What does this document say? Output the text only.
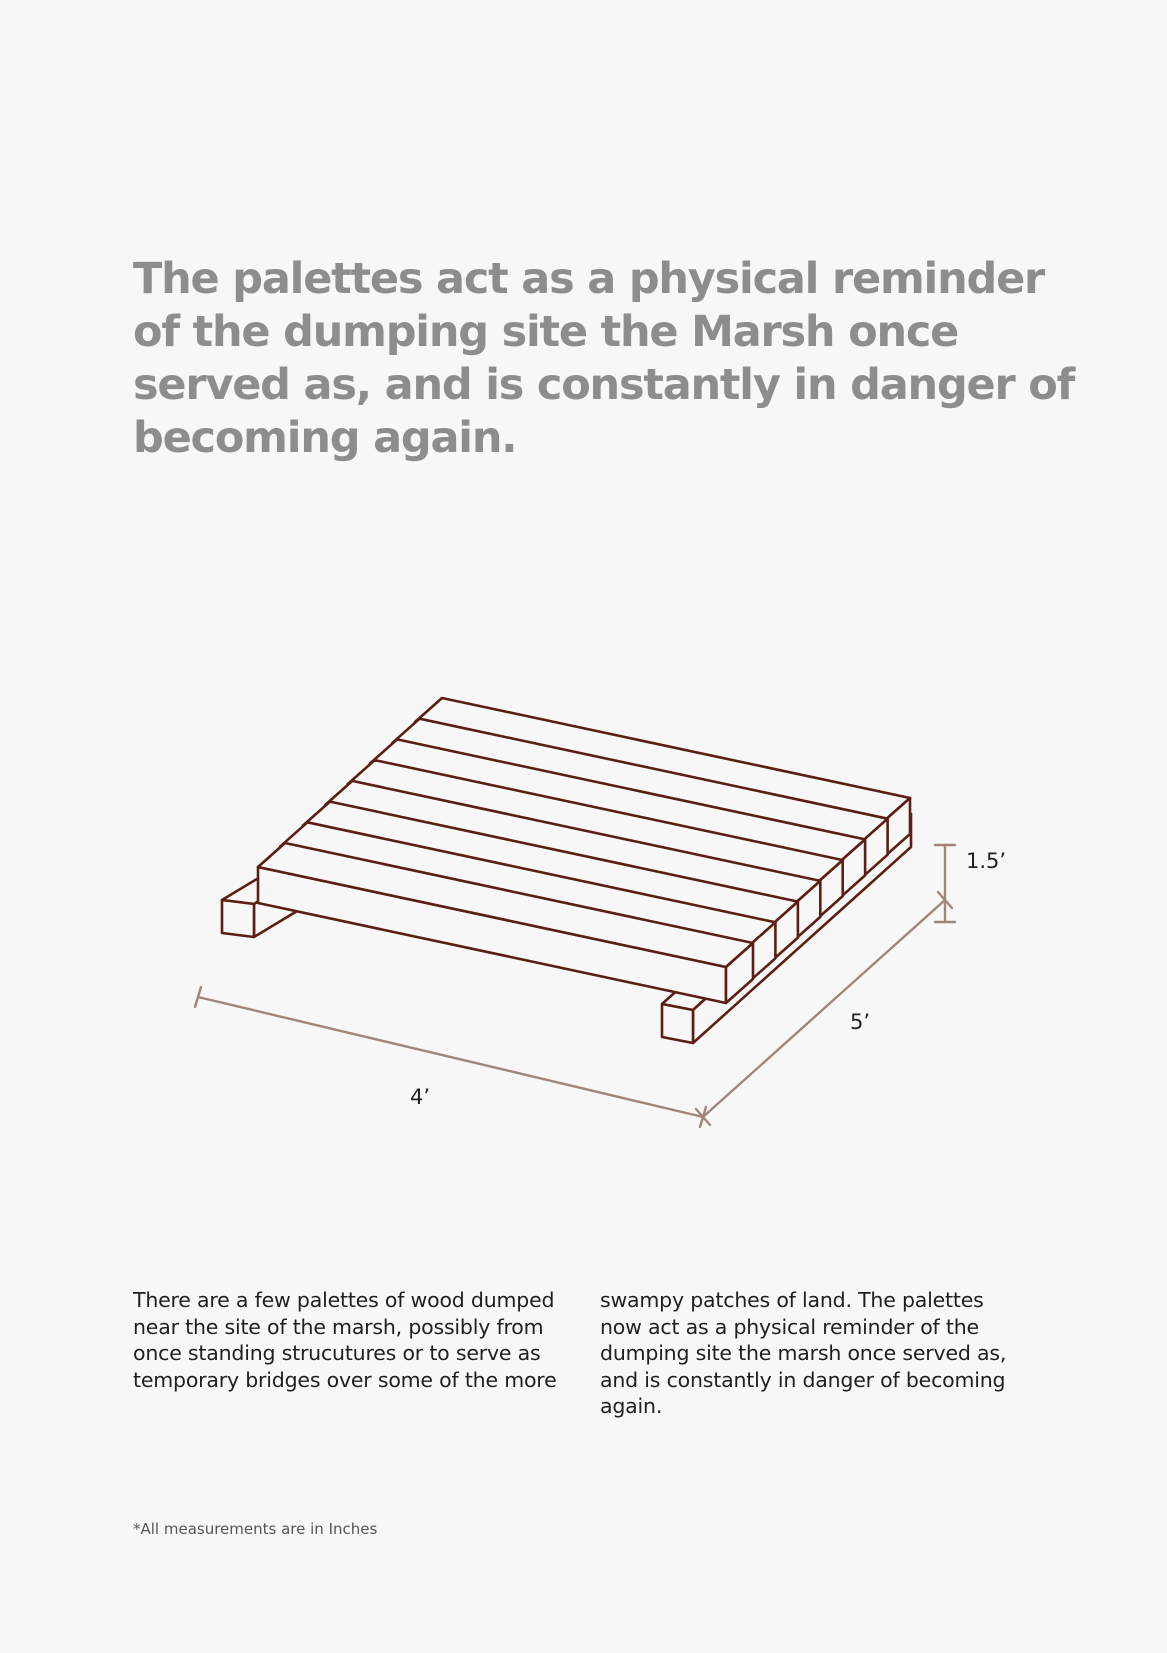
The palettes act as a physical reminder of the dumping site the Marsh once served as, and is constantly in danger of becoming again.
1.5’
5’
4’

There are a few palettes of wood dumped near the site of the marsh, possibly from once standing strucutures or to serve as temporary bridges over some of the more

swampy patches of land. The palettes now act as a physical reminder of the dumping site the marsh once served as, and is constantly in danger of becoming again.

*All measurements are in Inches
